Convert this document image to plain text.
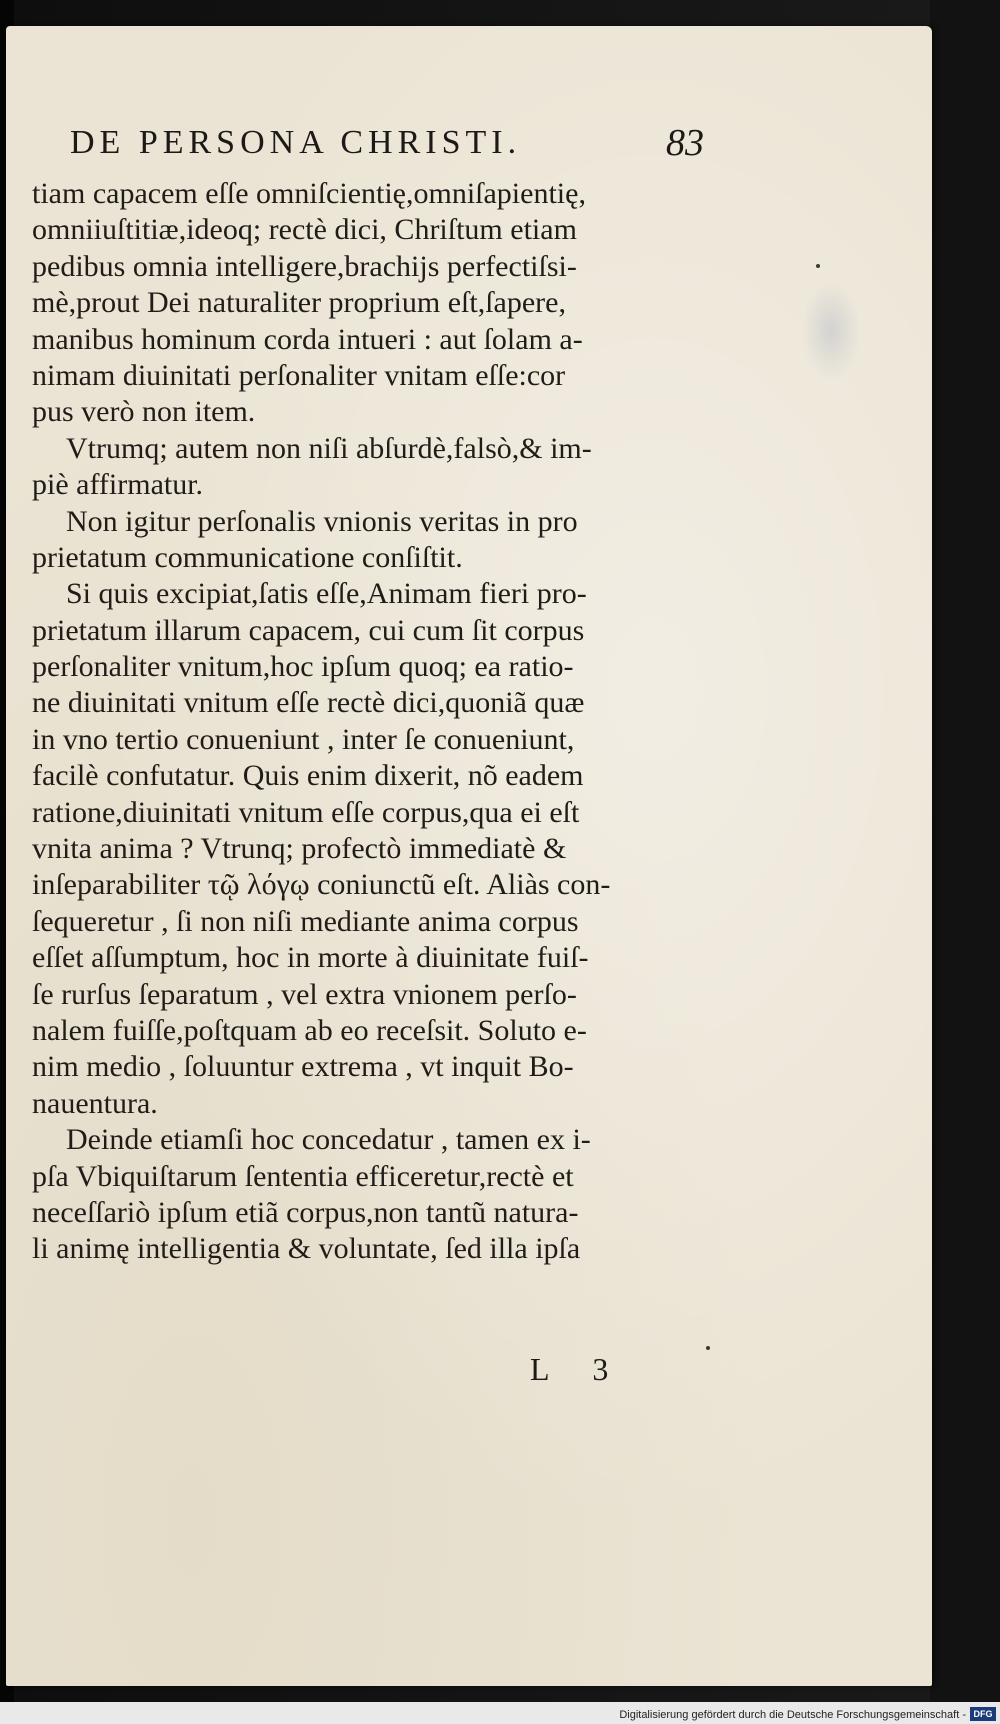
DE PERSONA CHRISTI.	83
tiam capacem eſſe omniſcientię,omniſapientię,
omniiuſtitiæ,ideoq; rectè dici, Chriſtum etiam
pedibus omnia intelligere,brachijs perfectiſsi-
mè,prout Dei naturaliter proprium eſt,ſapere,
manibus hominum corda intueri : aut ſolam a-
nimam diuinitati perſonaliter vnitam eſſe:cor
pus verò non item.
Vtrumq; autem non niſi abſurdè,falsò,& im-
piè affirmatur.
Non igitur perſonalis vnionis veritas in pro
prietatum communicatione conſiſtit.
Si quis excipiat,ſatis eſſe,Animam fieri pro-
prietatum illarum capacem, cui cum ſit corpus
perſonaliter vnitum,hoc ipſum quoq; ea ratio-
ne diuinitati vnitum eſſe rectè dici,quoniã quæ
in vno tertio conueniunt , inter ſe conueniunt,
facilè confutatur. Quis enim dixerit, nõ eadem
ratione,diuinitati vnitum eſſe corpus,qua ei eſt
vnita anima ? Vtrunq; profectò immediatè &
inſeparabiliter τῷ λόγῳ coniunctũ eſt. Aliàs con-
ſequeretur , ſi non niſi mediante anima corpus
eſſet aſſumptum, hoc in morte à diuinitate fuiſ-
ſe rurſus ſeparatum , vel extra vnionem perſo-
nalem fuiſſe,poſtquam ab eo receſsit. Soluto e-
nim medio , ſoluuntur extrema , vt inquit Bo-
nauentura.
Deinde etiamſi hoc concedatur , tamen ex i-
pſa Vbiquiſtarum ſententia efficeretur,rectè et
neceſſariò ipſum etiã corpus,non tantũ natura-
li animę intelligentia & voluntate, ſed illa ipſa
L 3
Digitalisierung gefördert durch die Deutsche Forschungsgemeinschaft - DFG
